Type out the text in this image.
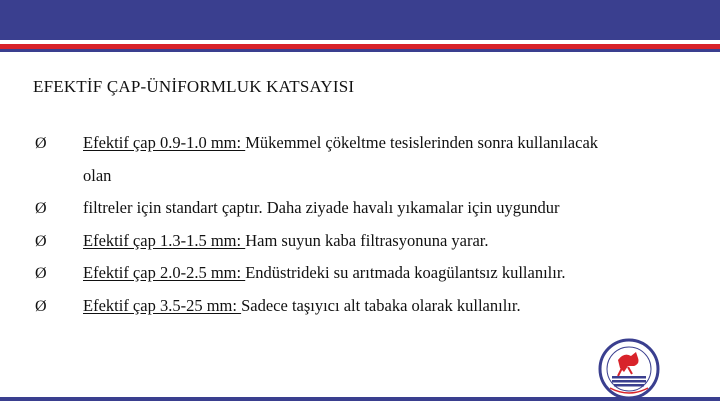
EFEKTİF ÇAP-ÜNİFORMLUK KATSAYISI
Ø Efektif çap 0.9-1.0 mm: Mükemmel çökeltme tesislerinden sonra kullanılacak
olan
Ø filtreler için standart çaptır. Daha ziyade havalı yıkamalar için uygundur
Ø Efektif çap 1.3-1.5 mm: Ham suyun kaba filtrasyonuna yarar.
Ø Efektif çap 2.0-2.5 mm: Endüstrideki su arıtmada koagülantsız kullanılır.
Ø Efektif çap 3.5-25 mm: Sadece taşıyıcı alt tabaka olarak kullanılır.
